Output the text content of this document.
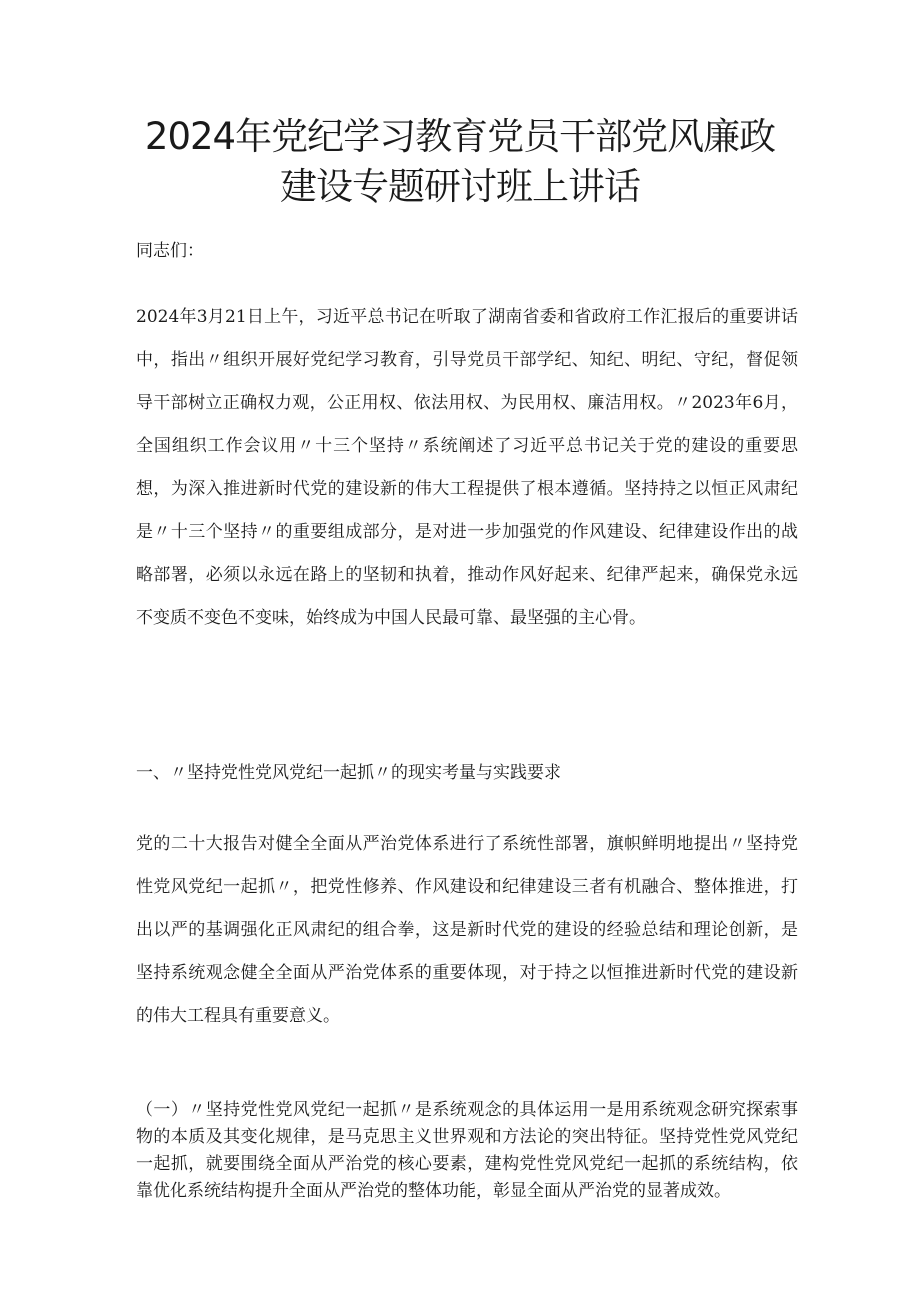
2024年党纪学习教育党员干部党风廉政
建设专题研讨班上讲话

同志们：

2024年3月21日上午，习近平总书记在听取了湖南省委和省政府工作汇报后的重要讲话中，指出〃组织开展好党纪学习教育，引导党员干部学纪、知纪、明纪、守纪，督促领导干部树立正确权力观，公正用权、依法用权、为民用权、廉洁用权。〃2023年6月，全国组织工作会议用〃十三个坚持〃系统阐述了习近平总书记关于党的建设的重要思想，为深入推进新时代党的建设新的伟大工程提供了根本遵循。坚持持之以恒正风肃纪是〃十三个坚持〃的重要组成部分，是对进一步加强党的作风建设、纪律建设作出的战略部署，必须以永远在路上的坚韧和执着，推动作风好起来、纪律严起来，确保党永远不变质不变色不变味，始终成为中国人民最可靠、最坚强的主心骨。

一、〃坚持党性党风党纪一起抓〃的现实考量与实践要求

党的二十大报告对健全全面从严治党体系进行了系统性部署，旗帜鲜明地提出〃坚持党性党风党纪一起抓〃，把党性修养、作风建设和纪律建设三者有机融合、整体推进，打出以严的基调强化正风肃纪的组合拳，这是新时代党的建设的经验总结和理论创新，是坚持系统观念健全全面从严治党体系的重要体现，对于持之以恒推进新时代党的建设新的伟大工程具有重要意义。

（一）〃坚持党性党风党纪一起抓〃是系统观念的具体运用一是用系统观念研究探索事物的本质及其变化规律，是马克思主义世界观和方法论的突出特征。坚持党性党风党纪一起抓，就要围绕全面从严治党的核心要素，建构党性党风党纪一起抓的系统结构，依靠优化系统结构提升全面从严治党的整体功能，彰显全面从严治党的显著成效。
